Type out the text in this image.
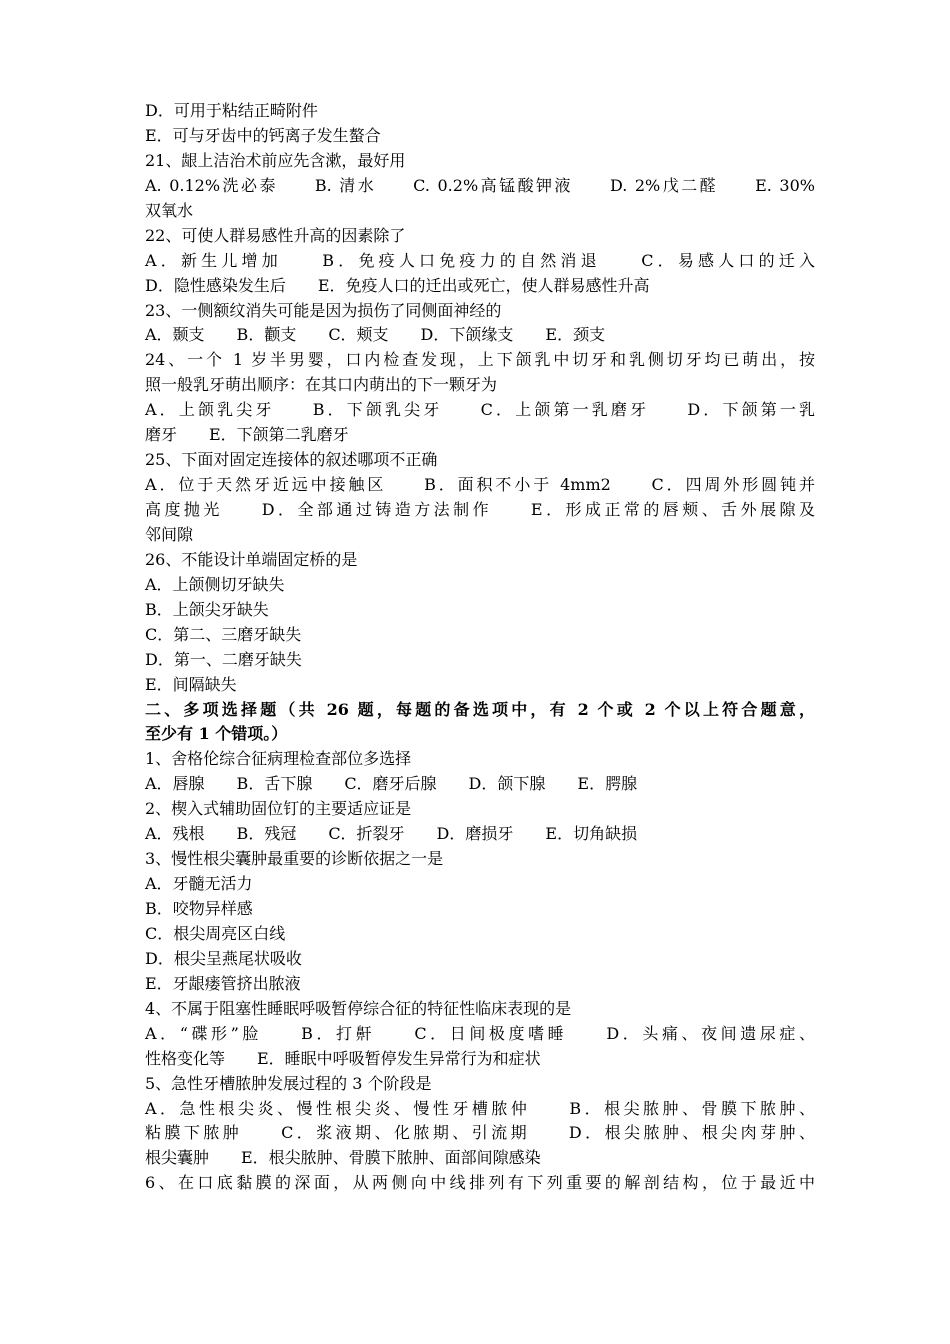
D．可用于粘结正畸附件
E．可与牙齿中的钙离子发生螯合
21、龈上洁治术前应先含漱，最好用
A. 0.12%洗必泰　　B. 清水　　C. 0.2%高锰酸钾液　　D. 2%戊二醛　　E. 30%
双氧水
22、可使人群易感性升高的因素除了
A．新生儿增加　　B．免疫人口免疫力的自然消退　　C．易感人口的迁入
D．隐性感染发生后　　E．免疫人口的迁出或死亡，使人群易感性升高
23、一侧额纹消失可能是因为损伤了同侧面神经的
A．颞支　　B．颧支　　C．颊支　　D．下颌缘支　　E．颈支
24、一个 1 岁半男婴，口内检查发现，上下颌乳中切牙和乳侧切牙均已萌出，按
照一般乳牙萌出顺序：在其口内萌出的下一颗牙为
A．上颌乳尖牙　　B．下颌乳尖牙　　C．上颌第一乳磨牙　　D．下颌第一乳
磨牙　　E．下颌第二乳磨牙
25、下面对固定连接体的叙述哪项不正确
A．位于天然牙近远中接触区　　B．面积不小于 4mm2　　C．四周外形圆钝并
高度抛光　　D．全部通过铸造方法制作　　E．形成正常的唇颊、舌外展隙及
邻间隙
26、不能设计单端固定桥的是
A．上颌侧切牙缺失
B．上颌尖牙缺失
C．第二、三磨牙缺失
D．第一、二磨牙缺失
E．间隔缺失
二、多项选择题（共 26 题，每题的备选项中，有 2 个或 2 个以上符合题意，
至少有 1 个错项。）
1、舍格伦综合征病理检查部位多选择
A．唇腺　　B．舌下腺　　C．磨牙后腺　　D．颌下腺　　E．腭腺
2、楔入式辅助固位钉的主要适应证是
A．残根　　B．残冠　　C．折裂牙　　D．磨损牙　　E．切角缺损
3、慢性根尖囊肿最重要的诊断依据之一是
A．牙髓无活力
B．咬物异样感
C．根尖周亮区白线
D．根尖呈燕尾状吸收
E．牙龈瘘管挤出脓液
4、不属于阻塞性睡眠呼吸暂停综合征的特征性临床表现的是
A．“碟形”脸　　B．打鼾　　C．日间极度嗜睡　　D．头痛、夜间遗尿症、
性格变化等　　E．睡眠中呼吸暂停发生异常行为和症状
5、急性牙槽脓肿发展过程的 3 个阶段是
A．急性根尖炎、慢性根尖炎、慢性牙槽脓仲　　B．根尖脓肿、骨膜下脓肿、
粘膜下脓肿　　C．浆液期、化脓期、引流期　　D．根尖脓肿、根尖肉芽肿、
根尖囊肿　　E．根尖脓肿、骨膜下脓肿、面部间隙感染
6、在口底黏膜的深面，从两侧向中线排列有下列重要的解剖结构，位于最近中
